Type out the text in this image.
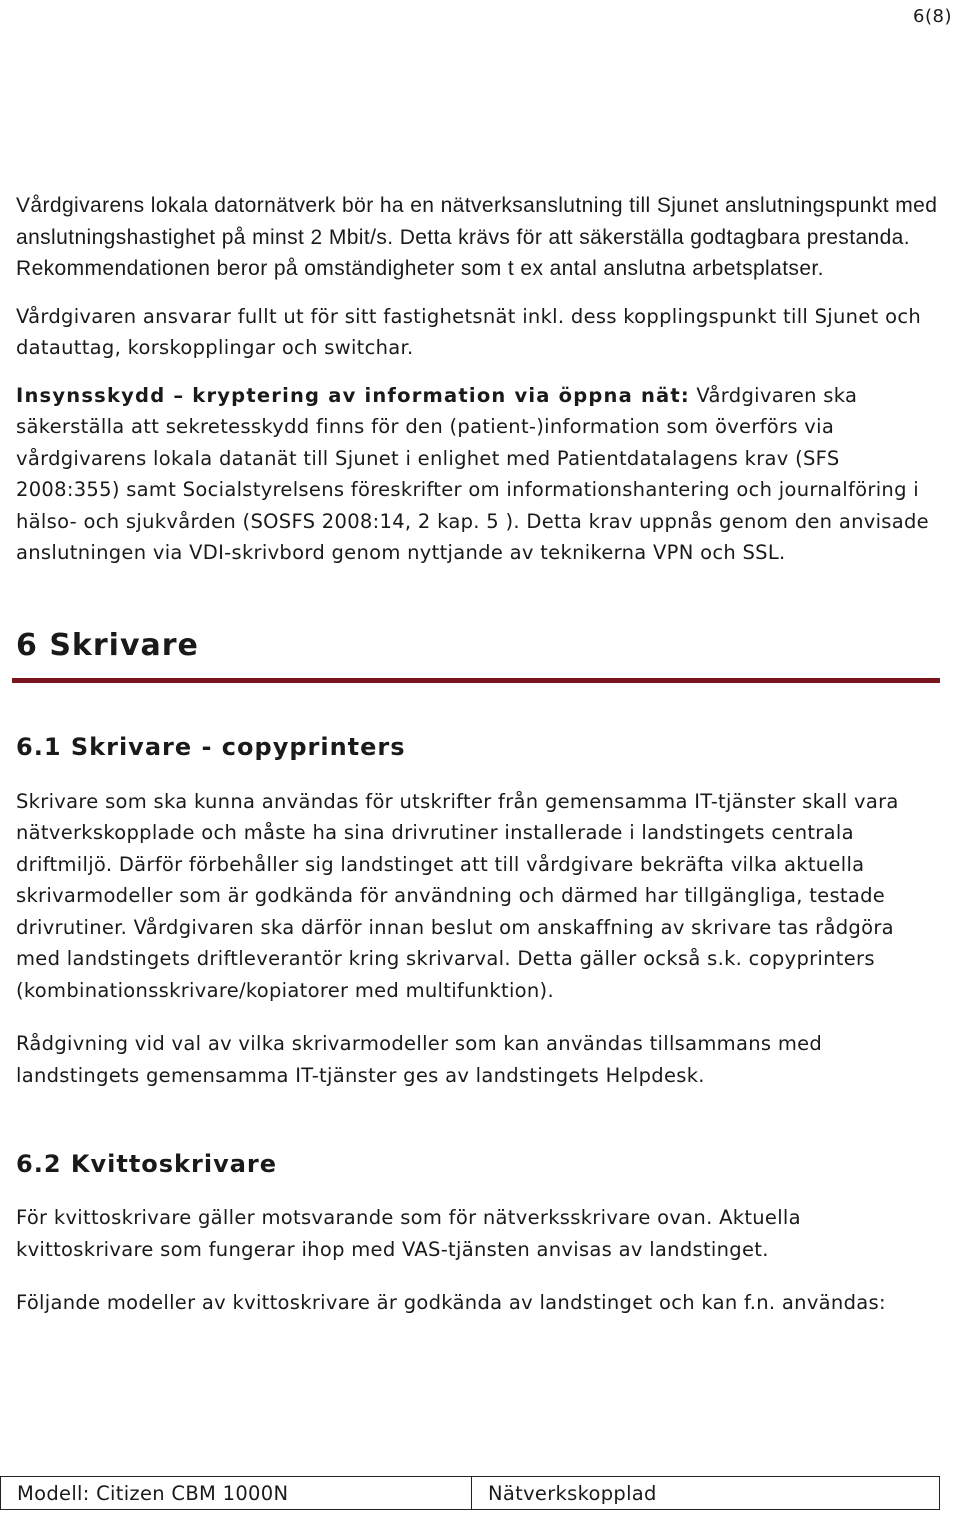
6(8)

Vårdgivarens lokala datornätverk bör ha en nätverksanslutning till Sjunet anslutningspunkt med anslutningshastighet på minst 2 Mbit/s. Detta krävs för att säkerställa godtagbara prestanda. Rekommendationen beror på omständigheter som t ex antal anslutna arbetsplatser.

Vårdgivaren ansvarar fullt ut för sitt fastighetsnät inkl. dess kopplingspunkt till Sjunet och datauttag, korskopplingar och switchar.

Insynsskydd – kryptering av information via öppna nät: Vårdgivaren ska säkerställa att sekretesskydd finns för den (patient-)information som överförs via vårdgivarens lokala datanät till Sjunet i enlighet med Patientdatalagens krav (SFS 2008:355) samt Socialstyrelsens föreskrifter om informationshantering och journalföring i hälso- och sjukvården (SOSFS 2008:14, 2 kap. 5 ). Detta krav uppnås genom den anvisade anslutningen via VDI-skrivbord genom nyttjande av teknikerna VPN och SSL.

6 Skrivare
6.1 Skrivare - copyprinters

Skrivare som ska kunna användas för utskrifter från gemensamma IT-tjänster skall vara nätverkskopplade och måste ha sina drivrutiner installerade i landstingets centrala driftmiljö. Därför förbehåller sig landstinget att till vårdgivare bekräfta vilka aktuella skrivarmodeller som är godkända för användning och därmed har tillgängliga, testade drivrutiner. Vårdgivaren ska därför innan beslut om anskaffning av skrivare tas rådgöra med landstingets driftleverantör kring skrivarval. Detta gäller också s.k. copyprinters (kombinationsskrivare/kopiatorer med multifunktion).

Rådgivning vid val av vilka skrivarmodeller som kan användas tillsammans med landstingets gemensamma IT-tjänster ges av landstingets Helpdesk.

6.2 Kvittoskrivare

För kvittoskrivare gäller motsvarande som för nätverksskrivare ovan. Aktuella kvittoskrivare som fungerar ihop med VAS-tjänsten anvisas av landstinget.

Följande modeller av kvittoskrivare är godkända av landstinget och kan f.n. användas:

Modell: Citizen CBM 1000N	Nätverkskopplad
